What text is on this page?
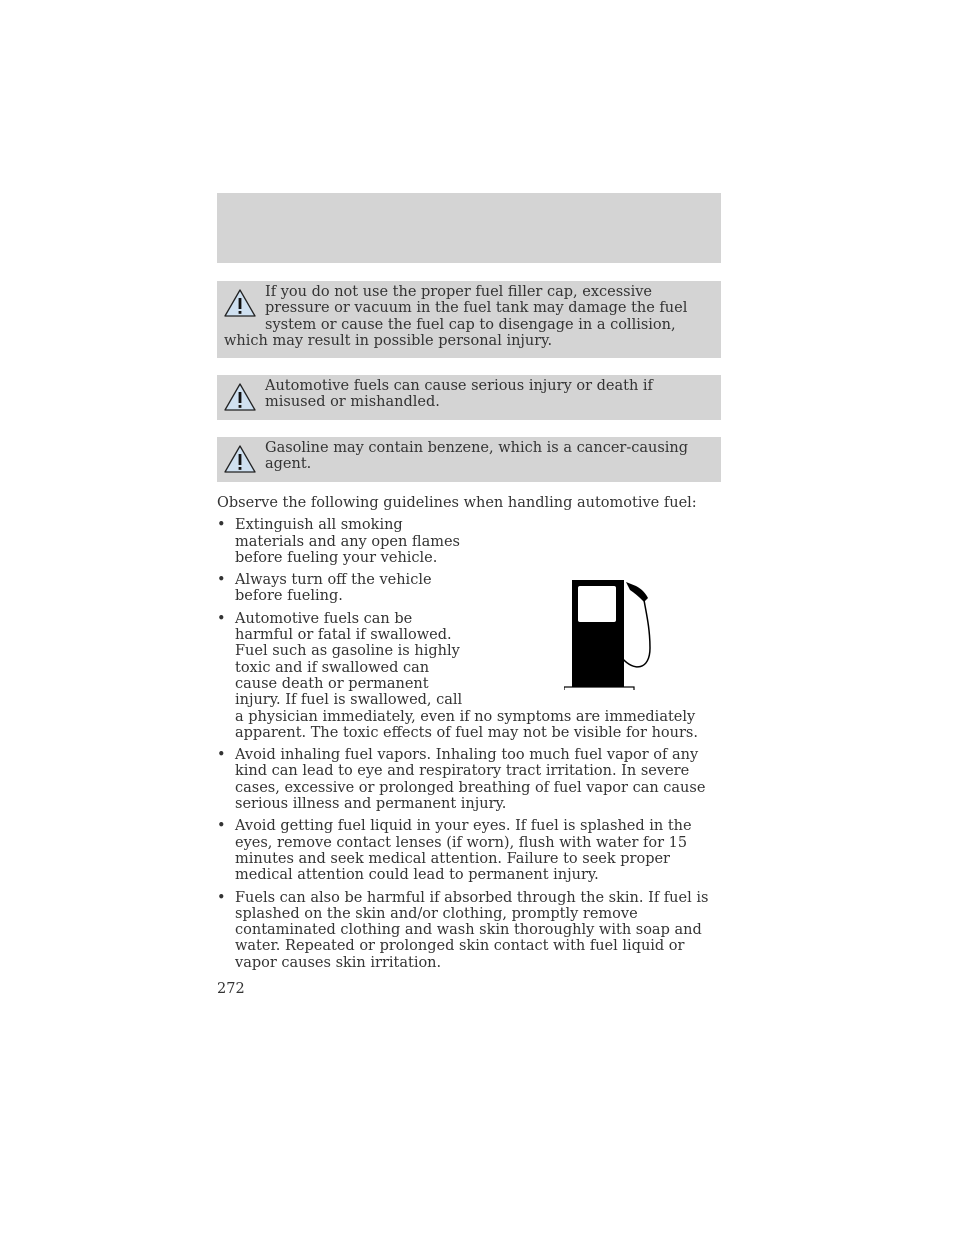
If you do not use the proper fuel filler cap, excessive pressure or vacuum in the fuel tank may damage the fuel system or cause the fuel cap to disengage in a collision, which may result in possible personal injury.
Automotive fuels can cause serious injury or death if misused or mishandled.
Gasoline may contain benzene, which is a cancer-causing agent.

Observe the following guidelines when handling automotive fuel:

• Extinguish all smoking materials and any open flames before fueling your vehicle.
• Always turn off the vehicle before fueling.
• Automotive fuels can be harmful or fatal if swallowed. Fuel such as gasoline is highly toxic and if swallowed can cause death or permanent injury. If fuel is swallowed, call a physician immediately, even if no symptoms are immediately apparent. The toxic effects of fuel may not be visible for hours.
• Avoid inhaling fuel vapors. Inhaling too much fuel vapor of any kind can lead to eye and respiratory tract irritation. In severe cases, excessive or prolonged breathing of fuel vapor can cause serious illness and permanent injury.
• Avoid getting fuel liquid in your eyes. If fuel is splashed in the eyes, remove contact lenses (if worn), flush with water for 15 minutes and seek medical attention. Failure to seek proper medical attention could lead to permanent injury.
• Fuels can also be harmful if absorbed through the skin. If fuel is splashed on the skin and/or clothing, promptly remove contaminated clothing and wash skin thoroughly with soap and water. Repeated or prolonged skin contact with fuel liquid or vapor causes skin irritation.
272
